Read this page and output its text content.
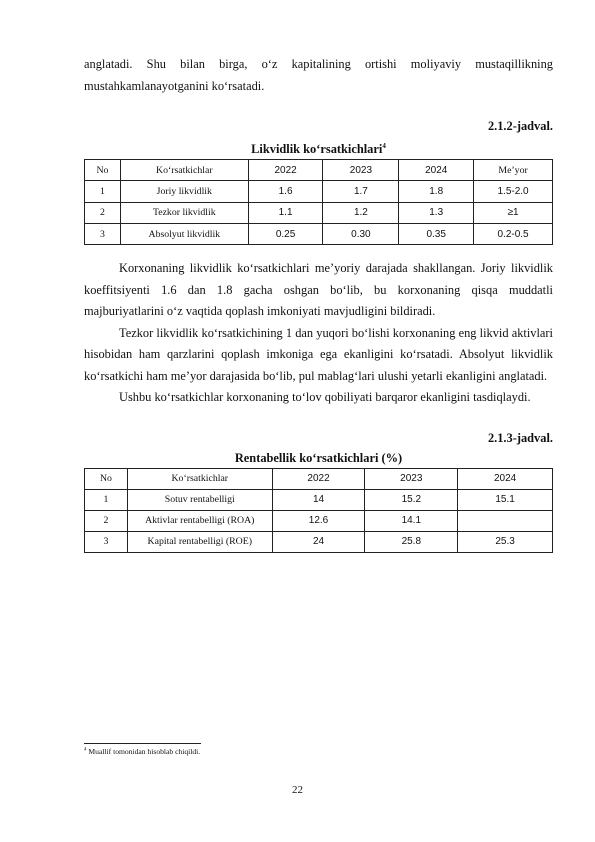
anglatadi. Shu bilan birga, o‘z kapitalining ortishi moliyaviy mustaqillikning mustahkamlanayotganini ko‘rsatadi.

2.1.2-jadval.
Likvidlik ko‘rsatkichlari$^4$
No	Ko‘rsatkichlar	2022	2023	2024	Me’yor
1	Joriy likvidlik	1.6	1.7	1.8	1.5-2.0
2	Tezkor likvidlik	1.1	1.2	1.3	≥1
3	Absolyut likvidlik	0.25	0.30	0.35	0.2-0.5

Korxonaning likvidlik ko‘rsatkichlari me’yoriy darajada shakllangan. Joriy likvidlik koeffitsiyenti 1.6 dan 1.8 gacha oshgan bo‘lib, bu korxonaning qisqa muddatli majburiyatlarini o‘z vaqtida qoplash imkoniyati mavjudligini bildiradi.

Tezkor likvidlik ko‘rsatkichining 1 dan yuqori bo‘lishi korxonaning eng likvid aktivlari hisobidan ham qarzlarini qoplash imkoniga ega ekanligini ko‘rsatadi. Absolyut likvidlik ko‘rsatkichi ham me’yor darajasida bo‘lib, pul mablag‘lari ulushi yetarli ekanligini anglatadi.

Ushbu ko‘rsatkichlar korxonaning to‘lov qobiliyati barqaror ekanligini tasdiqlaydi.

2.1.3-jadval.
Rentabellik ko‘rsatkichlari (%)
No	Ko‘rsatkichlar	2022	2023	2024
1	Sotuv rentabelligi	14	15.2	15.1
2	Aktivlar rentabelligi (ROA)	12.6	14.1	
3	Kapital rentabelligi (ROE)	24	25.8	25.3
$^4$ Muallif tomonidan hisoblab chiqildi.
22
